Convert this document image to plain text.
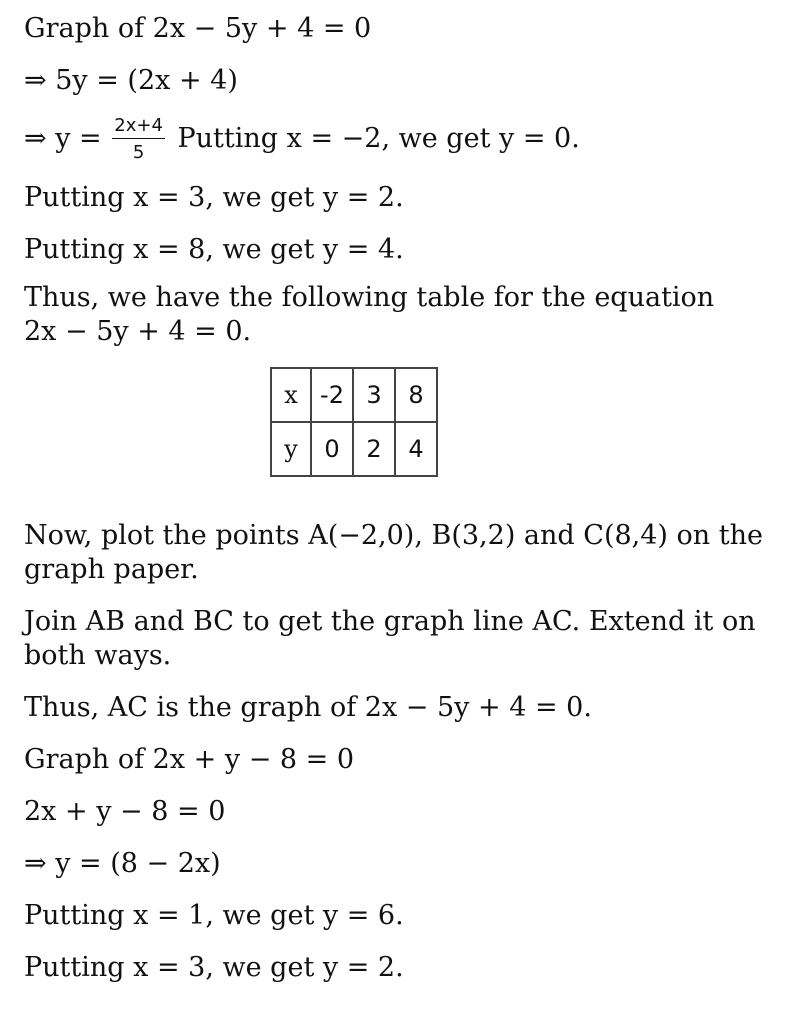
Graph of 2x − 5y + 4 = 0
⇒ 5y = (2x + 4)
⇒ $y = \frac{2x+4}{5}$ Putting x = −2, we get y = 0.
Putting x = 3, we get y = 2.
Putting x = 8, we get y = 4.
Thus, we have the following table for the equation 2x − 5y + 4 = 0.
x	-2	3	8
y	0	2	4
Now, plot the points A(−2,0), B(3,2) and C(8,4) on the graph paper.
Join AB and BC to get the graph line AC. Extend it on both ways.
Thus, AC is the graph of 2x − 5y + 4 = 0.
Graph of 2x + y − 8 = 0
2x + y − 8 = 0
⇒ y = (8 − 2x)
Putting x = 1, we get y = 6.
Putting x = 3, we get y = 2.
